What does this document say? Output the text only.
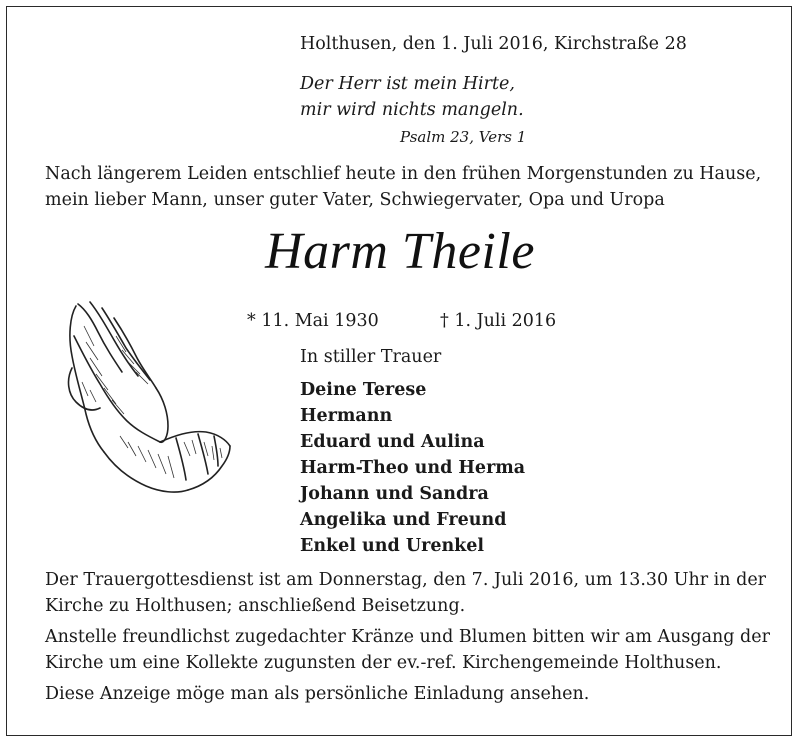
Holthusen, den 1. Juli 2016, Kirchstraße 28
Der Herr ist mein Hirte,
mir wird nichts mangeln.
Psalm 23, Vers 1
Nach längerem Leiden entschlief heute in den frühen Morgenstunden zu Hause,
mein lieber Mann, unser guter Vater, Schwiegervater, Opa und Uropa
Harm Theile
* 11. Mai 1930	† 1. Juli 2016
In stiller Trauer
Deine Terese
Hermann
Eduard und Aulina
Harm-Theo und Herma
Johann und Sandra
Angelika und Freund
Enkel und Urenkel
Der Trauergottesdienst ist am Donnerstag, den 7. Juli 2016, um 13.30 Uhr in der
Kirche zu Holthusen; anschließend Beisetzung.
Anstelle freundlichst zugedachter Kränze und Blumen bitten wir am Ausgang der
Kirche um eine Kollekte zugunsten der ev.-ref. Kirchengemeinde Holthusen.
Diese Anzeige möge man als persönliche Einladung ansehen.
